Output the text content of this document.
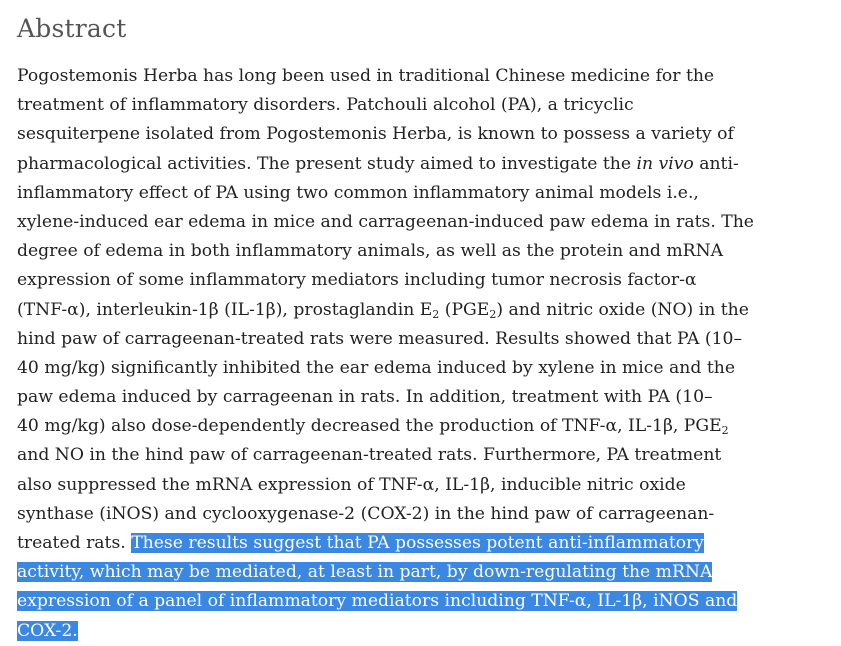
Abstract
Pogostemonis Herba has long been used in traditional Chinese medicine for the
treatment of inflammatory disorders. Patchouli alcohol (PA), a tricyclic
sesquiterpene isolated from Pogostemonis Herba, is known to possess a variety of
pharmacological activities. The present study aimed to investigate the in vivo anti-
inflammatory effect of PA using two common inflammatory animal models i.e.,
xylene-induced ear edema in mice and carrageenan-induced paw edema in rats. The
degree of edema in both inflammatory animals, as well as the protein and mRNA
expression of some inflammatory mediators including tumor necrosis factor-α
(TNF-α), interleukin-1β (IL-1β), prostaglandin $E_2$ $(PGE_2)$ and nitric oxide (NO) in the
hind paw of carrageenan-treated rats were measured. Results showed that PA (10–
40 mg/kg) significantly inhibited the ear edema induced by xylene in mice and the
paw edema induced by carrageenan in rats. In addition, treatment with PA (10–
40 mg/kg) also dose-dependently decreased the production of TNF-α, IL-1β, $PGE_2$
and NO in the hind paw of carrageenan-treated rats. Furthermore, PA treatment
also suppressed the mRNA expression of TNF-α, IL-1β, inducible nitric oxide
synthase (iNOS) and cyclooxygenase-2 (COX-2) in the hind paw of carrageenan-
treated rats. These results suggest that PA possesses potent anti-inflammatory
activity, which may be mediated, at least in part, by down-regulating the mRNA
expression of a panel of inflammatory mediators including TNF-α, IL-1β, iNOS and
COX-2.
